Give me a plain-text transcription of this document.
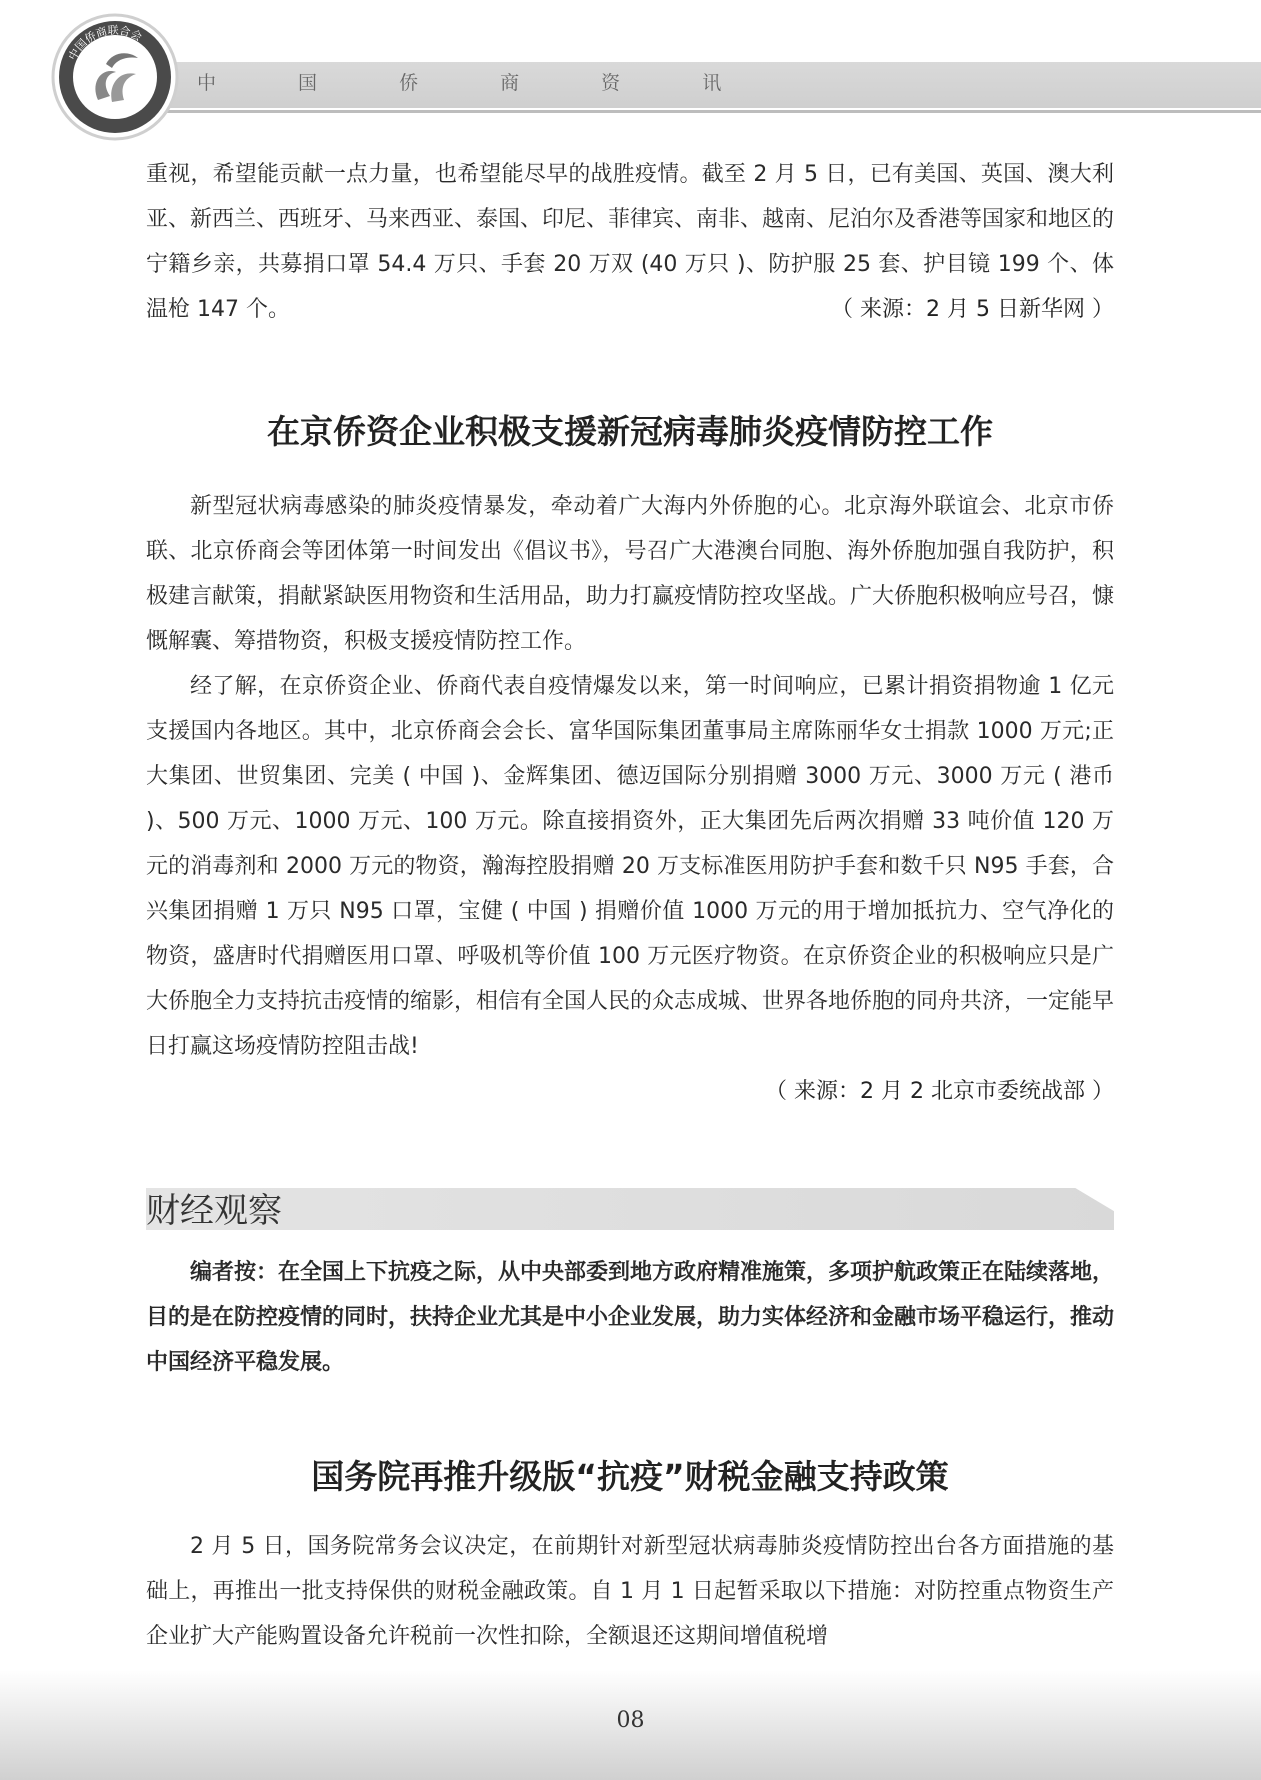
中 国 侨 商 资 讯
中国侨商联合会

重视，希望能贡献一点力量，也希望能尽早的战胜疫情。截至 2 月 5 日，已有美国、英国、澳大利亚、新西兰、西班牙、马来西亚、泰国、印尼、菲律宾、南非、越南、尼泊尔及香港等国家和地区的宁籍乡亲，共募捐口罩 54.4 万只、手套 20 万双 (40 万只 )、防护服 25 套、护目镜 199 个、体温枪 147 个。	（ 来源：2 月 5 日新华网 ）

在京侨资企业积极支援新冠病毒肺炎疫情防控工作

新型冠状病毒感染的肺炎疫情暴发，牵动着广大海内外侨胞的心。北京海外联谊会、北京市侨联、北京侨商会等团体第一时间发出《倡议书》，号召广大港澳台同胞、海外侨胞加强自我防护，积极建言献策，捐献紧缺医用物资和生活用品，助力打赢疫情防控攻坚战。广大侨胞积极响应号召，慷慨解囊、筹措物资，积极支援疫情防控工作。

经了解，在京侨资企业、侨商代表自疫情爆发以来，第一时间响应，已累计捐资捐物逾 1 亿元支援国内各地区。其中，北京侨商会会长、富华国际集团董事局主席陈丽华女士捐款 1000 万元;正大集团、世贸集团、完美 ( 中国 )、金辉集团、德迈国际分别捐赠 3000 万元、3000 万元 ( 港币 )、500 万元、1000 万元、100 万元。除直接捐资外，正大集团先后两次捐赠 33 吨价值 120 万元的消毒剂和 2000 万元的物资，瀚海控股捐赠 20 万支标准医用防护手套和数千只 N95 手套，合兴集团捐赠 1 万只 N95 口罩，宝健 ( 中国 ) 捐赠价值 1000 万元的用于增加抵抗力、空气净化的物资，盛唐时代捐赠医用口罩、呼吸机等价值 100 万元医疗物资。在京侨资企业的积极响应只是广大侨胞全力支持抗击疫情的缩影，相信有全国人民的众志成城、世界各地侨胞的同舟共济，一定能早日打赢这场疫情防控阻击战!

（ 来源：2 月 2 北京市委统战部 ）

财经观察

编者按：在全国上下抗疫之际，从中央部委到地方政府精准施策，多项护航政策正在陆续落地，目的是在防控疫情的同时，扶持企业尤其是中小企业发展，助力实体经济和金融市场平稳运行，推动中国经济平稳发展。

国务院再推升级版“抗疫”财税金融支持政策

2 月 5 日，国务院常务会议决定，在前期针对新型冠状病毒肺炎疫情防控出台各方面措施的基础上，再推出一批支持保供的财税金融政策。自 1 月 1 日起暂采取以下措施：对防控重点物资生产企业扩大产能购置设备允许税前一次性扣除，全额退还这期间增值税增

08
